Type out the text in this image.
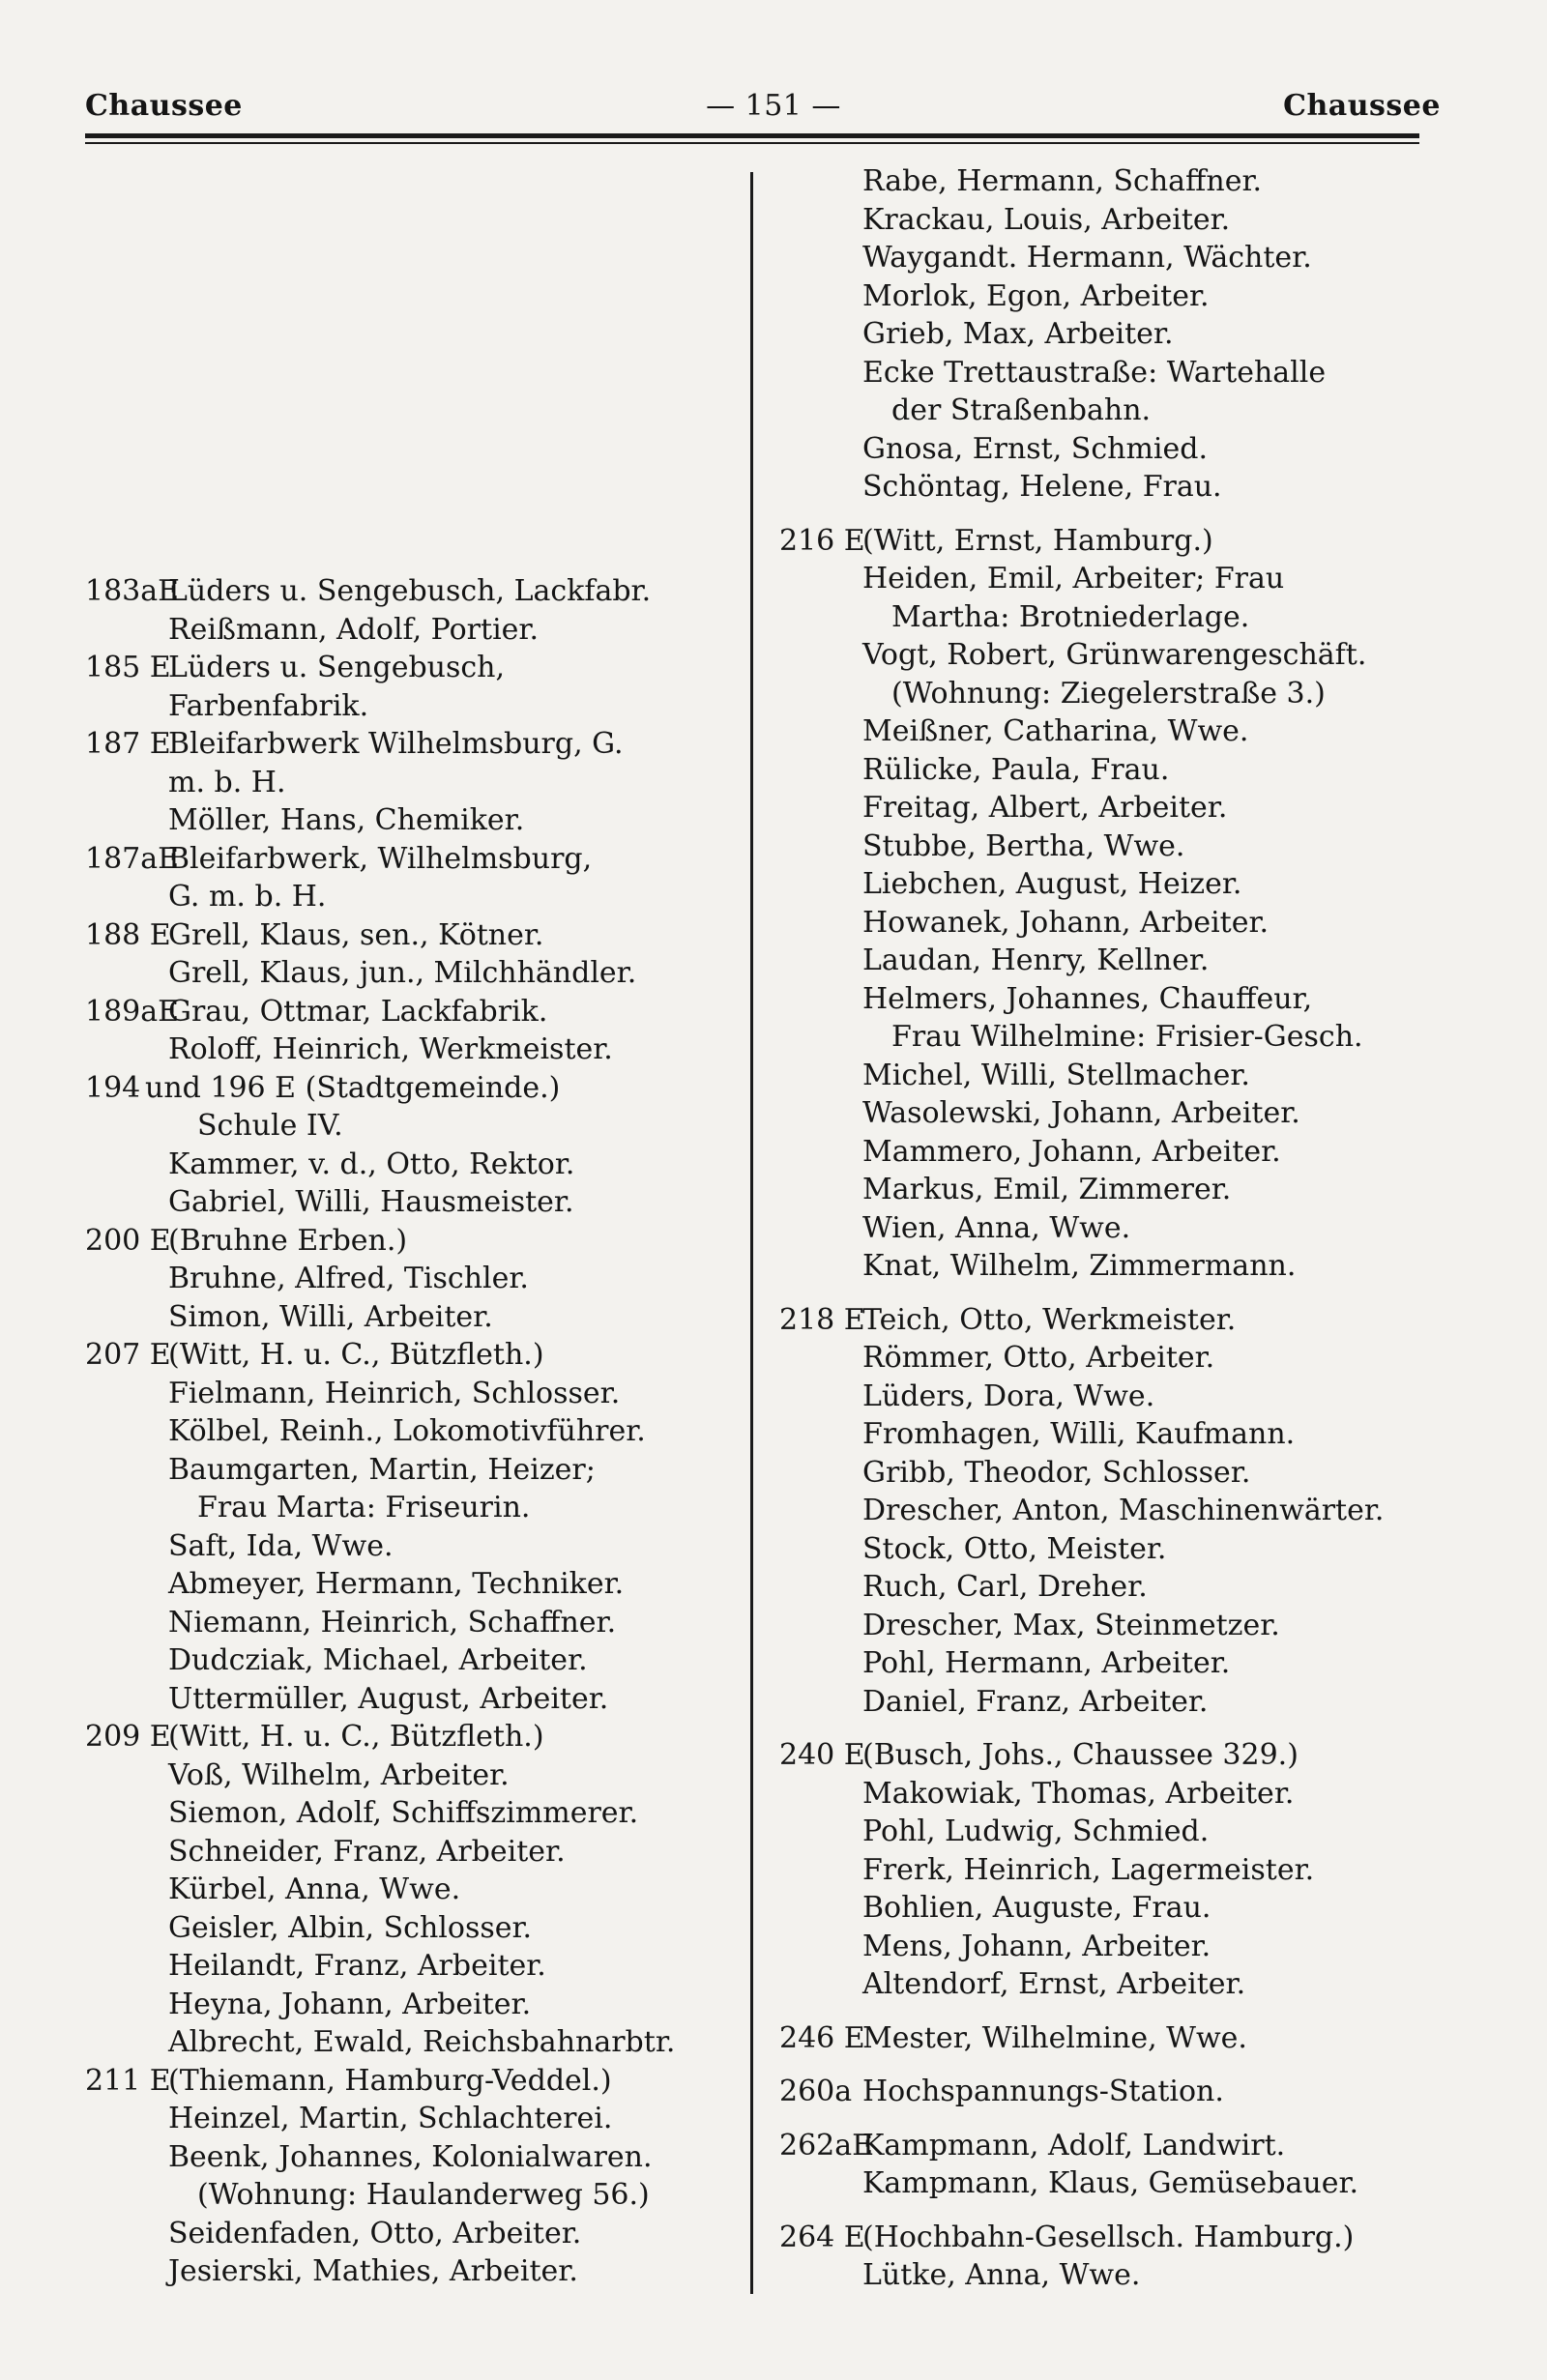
Chaussee	— 151 —	Chaussee
183aE
Lüders u. Sengebusch, Lackfabr.
Reißmann, Adolf, Portier.
185 E
Lüders u. Sengebusch,
Farbenfabrik.
187 E
Bleifarbwerk Wilhelmsburg, G.
m. b. H.
Möller, Hans, Chemiker.
187aE
Bleifarbwerk, Wilhelmsburg,
G. m. b. H.
188 E
Grell, Klaus, sen., Kötner.
Grell, Klaus, jun., Milchhändler.
189aE
Grau, Ottmar, Lackfabrik.
Roloff, Heinrich, Werkmeister.
194 und 196 E (Stadtgemeinde.)
Schule IV.
Kammer, v. d., Otto, Rektor.
Gabriel, Willi, Hausmeister.
200 E
(Bruhne Erben.)
Bruhne, Alfred, Tischler.
Simon, Willi, Arbeiter.
207 E
(Witt, H. u. C., Bützfleth.)
Fielmann, Heinrich, Schlosser.
Kölbel, Reinh., Lokomotivführer.
Baumgarten, Martin, Heizer;
Frau Marta: Friseurin.
Saft, Ida, Wwe.
Abmeyer, Hermann, Techniker.
Niemann, Heinrich, Schaffner.
Dudcziak, Michael, Arbeiter.
Uttermüller, August, Arbeiter.
209 E
(Witt, H. u. C., Bützfleth.)
Voß, Wilhelm, Arbeiter.
Siemon, Adolf, Schiffszimmerer.
Schneider, Franz, Arbeiter.
Kürbel, Anna, Wwe.
Geisler, Albin, Schlosser.
Heilandt, Franz, Arbeiter.
Heyna, Johann, Arbeiter.
Albrecht, Ewald, Reichsbahnarbtr.
211 E
(Thiemann, Hamburg-Veddel.)
Heinzel, Martin, Schlachterei.
Beenk, Johannes, Kolonialwaren.
(Wohnung: Haulanderweg 56.)
Seidenfaden, Otto, Arbeiter.
Jesierski, Mathies, Arbeiter.
Rabe, Hermann, Schaffner.
Krackau, Louis, Arbeiter.
Waygandt. Hermann, Wächter.
Morlok, Egon, Arbeiter.
Grieb, Max, Arbeiter.
Ecke Trettaustraße: Wartehalle
der Straßenbahn.
Gnosa, Ernst, Schmied.
Schöntag, Helene, Frau.
216 E
(Witt, Ernst, Hamburg.)
Heiden, Emil, Arbeiter; Frau
Martha: Brotniederlage.
Vogt, Robert, Grünwarengeschäft.
(Wohnung: Ziegelerstraße 3.)
Meißner, Catharina, Wwe.
Rülicke, Paula, Frau.
Freitag, Albert, Arbeiter.
Stubbe, Bertha, Wwe.
Liebchen, August, Heizer.
Howanek, Johann, Arbeiter.
Laudan, Henry, Kellner.
Helmers, Johannes, Chauffeur,
Frau Wilhelmine: Frisier-Gesch.
Michel, Willi, Stellmacher.
Wasolewski, Johann, Arbeiter.
Mammero, Johann, Arbeiter.
Markus, Emil, Zimmerer.
Wien, Anna, Wwe.
Knat, Wilhelm, Zimmermann.
218 E
Teich, Otto, Werkmeister.
Römmer, Otto, Arbeiter.
Lüders, Dora, Wwe.
Fromhagen, Willi, Kaufmann.
Gribb, Theodor, Schlosser.
Drescher, Anton, Maschinenwärter.
Stock, Otto, Meister.
Ruch, Carl, Dreher.
Drescher, Max, Steinmetzer.
Pohl, Hermann, Arbeiter.
Daniel, Franz, Arbeiter.
240 E
(Busch, Johs., Chaussee 329.)
Makowiak, Thomas, Arbeiter.
Pohl, Ludwig, Schmied.
Frerk, Heinrich, Lagermeister.
Bohlien, Auguste, Frau.
Mens, Johann, Arbeiter.
Altendorf, Ernst, Arbeiter.
246 E
Mester, Wilhelmine, Wwe.
260a Hochspannungs-Station.
262aE
Kampmann, Adolf, Landwirt.
Kampmann, Klaus, Gemüsebauer.
264 E
(Hochbahn-Gesellsch. Hamburg.)
Lütke, Anna, Wwe.
